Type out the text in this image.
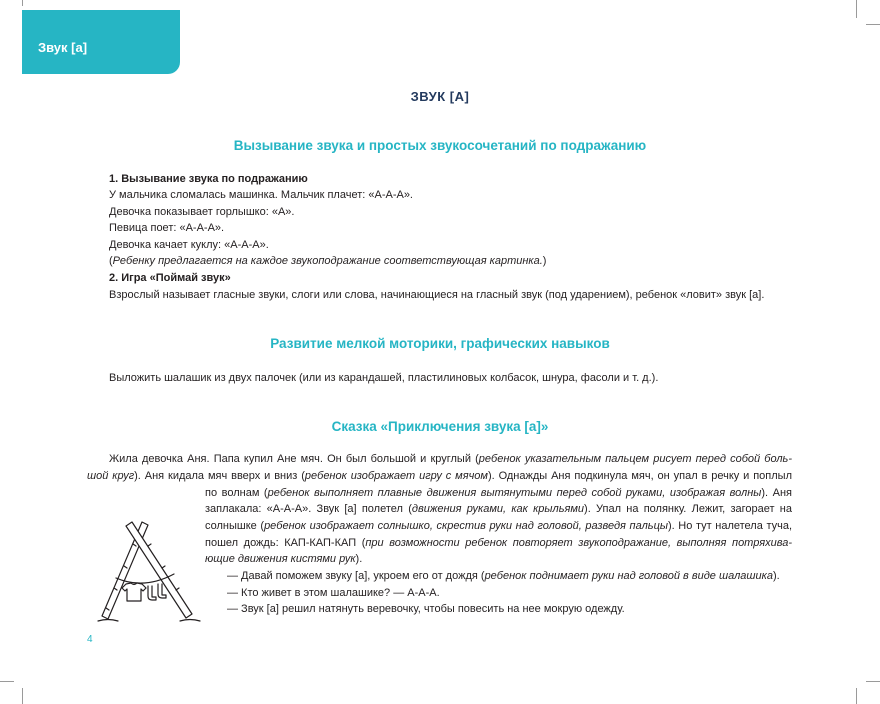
Звук [а]
ЗВУК [А]
Вызывание звука и простых звукосочетаний по подражанию
1. Вызывание звука по подражанию
У мальчика сломалась машинка. Мальчик плачет: «А-А-А».
Девочка показывает горлышко: «А».
Певица поет: «А-А-А».
Девочка качает куклу: «А-А-А».
(Ребенку предлагается на каждое звукоподражание соответствующая картинка.)
2. Игра «Поймай звук»
Взрослый называет гласные звуки, слоги или слова, начинающиеся на гласный звук (под ударением), ребенок «ловит» звук [а].
Развитие мелкой моторики, графических навыков
Выложить шалашик из двух палочек (или из карандашей, пластилиновых колбасок, шнура, фасоли и т. д.).
Сказка «Приключения звука [а]»
Жила девочка Аня. Папа купил Ане мяч. Он был большой и круглый (ребенок указательным пальцем рисует перед собой боль-
шой круг). Аня кидала мяч вверх и вниз (ребенок изображает игру с мячом). Однажды Аня подкинула мяч, он упал в речку и поплыл
по волнам (ребенок выполняет плавные движения вытянутыми перед собой руками, изображая волны). Аня
заплакала: «А-А-А». Звук [а] полетел (движения руками, как крыльями). Упал на полянку. Лежит, загорает на
солнышке (ребенок изображает солнышко, скрестив руки над головой, разведя пальцы). Но тут налетела туча,
пошел дождь: КАП-КАП-КАП (при возможности ребенок повторяет звукоподражание, выполняя потряхива-
ющие движения кистями рук).
— Давай поможем звуку [а], укроем его от дождя (ребенок поднимает руки над головой в виде шалашика).
— Кто живет в этом шалашике? — А-А-А.
— Звук [а] решил натянуть веревочку, чтобы повесить на нее мокрую одежду.
4
